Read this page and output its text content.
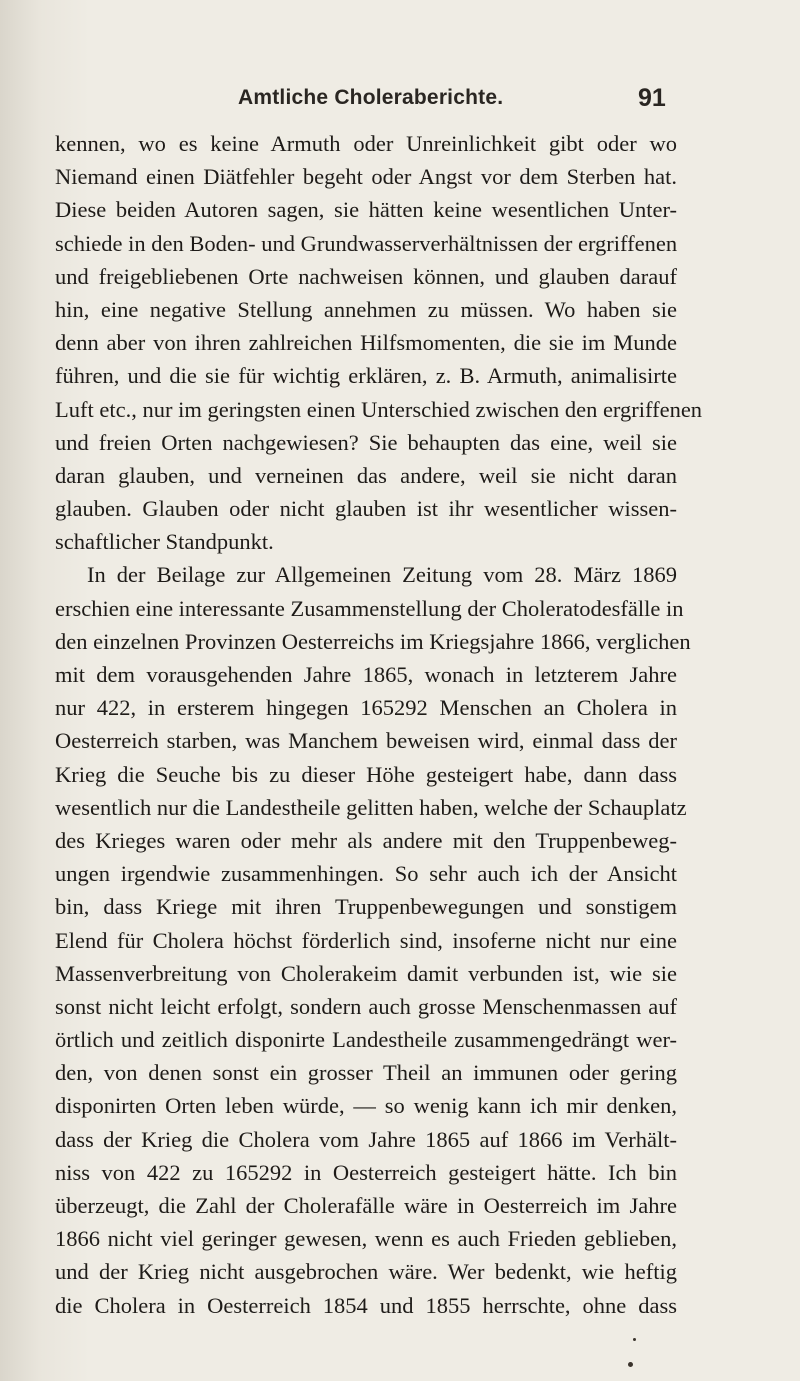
Amtliche Choleraberichte.	91
kennen, wo es keine Armuth oder Unreinlichkeit gibt oder wo
Niemand einen Diätfehler begeht oder Angst vor dem Sterben hat.
Diese beiden Autoren sagen, sie hätten keine wesentlichen Unter-
schiede in den Boden- und Grundwasserverhältnissen der ergriffenen
und freigebliebenen Orte nachweisen können, und glauben darauf
hin, eine negative Stellung annehmen zu müssen. Wo haben sie
denn aber von ihren zahlreichen Hilfsmomenten, die sie im Munde
führen, und die sie für wichtig erklären, z. B. Armuth, animalisirte
Luft etc., nur im geringsten einen Unterschied zwischen den ergriffenen
und freien Orten nachgewiesen? Sie behaupten das eine, weil sie
daran glauben, und verneinen das andere, weil sie nicht daran
glauben. Glauben oder nicht glauben ist ihr wesentlicher wissen-
schaftlicher Standpunkt.
In der Beilage zur Allgemeinen Zeitung vom 28. März 1869
erschien eine interessante Zusammenstellung der Choleratodesfälle in
den einzelnen Provinzen Oesterreichs im Kriegsjahre 1866, verglichen
mit dem vorausgehenden Jahre 1865, wonach in letzterem Jahre
nur 422, in ersterem hingegen 165292 Menschen an Cholera in
Oesterreich starben, was Manchem beweisen wird, einmal dass der
Krieg die Seuche bis zu dieser Höhe gesteigert habe, dann dass
wesentlich nur die Landestheile gelitten haben, welche der Schauplatz
des Krieges waren oder mehr als andere mit den Truppenbeweg-
ungen irgendwie zusammenhingen. So sehr auch ich der Ansicht
bin, dass Kriege mit ihren Truppenbewegungen und sonstigem
Elend für Cholera höchst förderlich sind, insoferne nicht nur eine
Massenverbreitung von Cholerakeim damit verbunden ist, wie sie
sonst nicht leicht erfolgt, sondern auch grosse Menschenmassen auf
örtlich und zeitlich disponirte Landestheile zusammengedrängt wer-
den, von denen sonst ein grosser Theil an immunen oder gering
disponirten Orten leben würde, — so wenig kann ich mir denken,
dass der Krieg die Cholera vom Jahre 1865 auf 1866 im Verhält-
niss von 422 zu 165292 in Oesterreich gesteigert hätte. Ich bin
überzeugt, die Zahl der Cholerafälle wäre in Oesterreich im Jahre
1866 nicht viel geringer gewesen, wenn es auch Frieden geblieben,
und der Krieg nicht ausgebrochen wäre. Wer bedenkt, wie heftig
die Cholera in Oesterreich 1854 und 1855 herrschte, ohne dass
